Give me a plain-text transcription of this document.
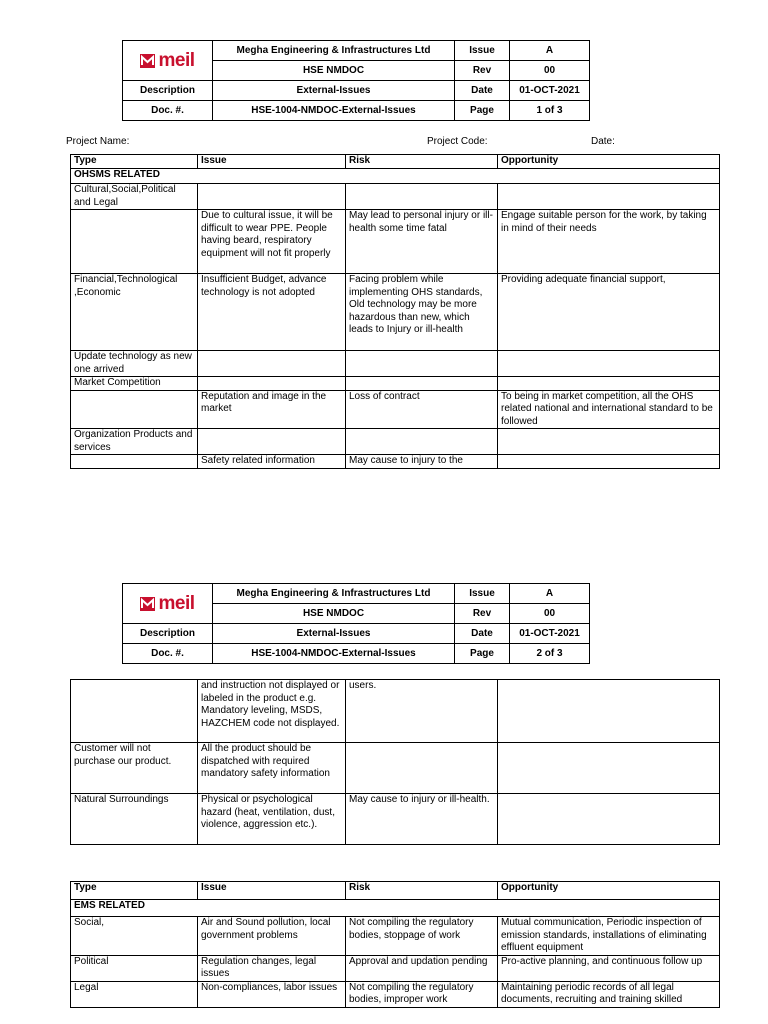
meil	Megha Engineering & Infrastructures Ltd	Issue	A
	HSE NMDOC	Rev	00
Description	External-Issues	Date	01-OCT-2021
Doc. #.	HSE-1004-NMDOC-External-Issues	Page	1 of 3
Project Name:	Project Code:	Date:
Type	Issue	Risk	Opportunity
OHSMS RELATED			
Cultural,Social,Political and Legal			
	Due to cultural issue, it will be difficult to wear PPE. People having beard, respiratory equipment will not fit properly	May lead to personal injury or ill-health some time fatal	Engage suitable person for the work, by taking in mind of their needs
Financial,Technological ,Economic	Insufficient Budget, advance technology is not adopted	Facing problem while implementing OHS standards, Old technology may be more hazardous than new, which leads to Injury or ill-health	Providing adequate financial support,
Update technology as new one arrived			
Market Competition			
	Reputation and image in the market	Loss of contract	To being in market competition, all the OHS related national and international standard to be followed
Organization Products and services			
	Safety related information	May cause to injury to the	
meil	Megha Engineering & Infrastructures Ltd	Issue	A
	HSE NMDOC	Rev	00
Description	External-Issues	Date	01-OCT-2021
Doc. #.	HSE-1004-NMDOC-External-Issues	Page	2 of 3
	and instruction not displayed or labeled in the product e.g. Mandatory leveling, MSDS, HAZCHEM code not displayed.	users.	
Customer will not purchase our product.	All the product should be dispatched with required mandatory safety information		
Natural Surroundings	Physical or psychological hazard (heat, ventilation, dust, violence, aggression etc.).	May cause to injury or ill-health.	
Type	Issue	Risk	Opportunity
EMS RELATED			
Social,	Air and Sound pollution, local government problems	Not compiling the regulatory bodies, stoppage of work	Mutual communication, Periodic inspection of emission standards, installations of eliminating effluent equipment
Political	Regulation changes, legal issues	Approval and updation pending	Pro-active planning, and continuous follow up
Legal	Non-compliances, labor issues	Not compiling the regulatory bodies, improper work	Maintaining periodic records of all legal documents, recruiting and training skilled
